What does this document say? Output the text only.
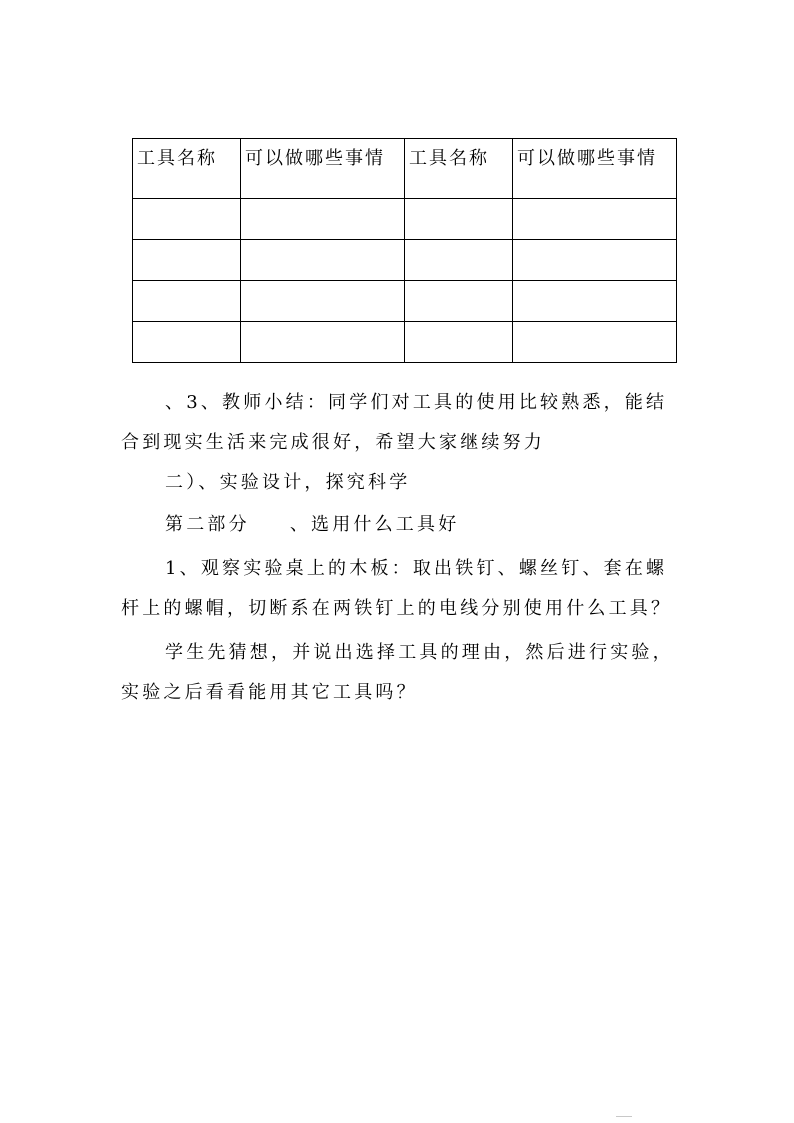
工具名称	可以做哪些事情	工具名称	可以做哪些事情

、3、教师小结：同学们对工具的使用比较熟悉，能结
合到现实生活来完成很好，希望大家继续努力
二）、实验设计，探究科学
第二部分 、选用什么工具好
1、观察实验桌上的木板：取出铁钉、螺丝钉、套在螺
杆上的螺帽，切断系在两铁钉上的电线分别使用什么工具？
学生先猜想，并说出选择工具的理由，然后进行实验，
实验之后看看能用其它工具吗？
